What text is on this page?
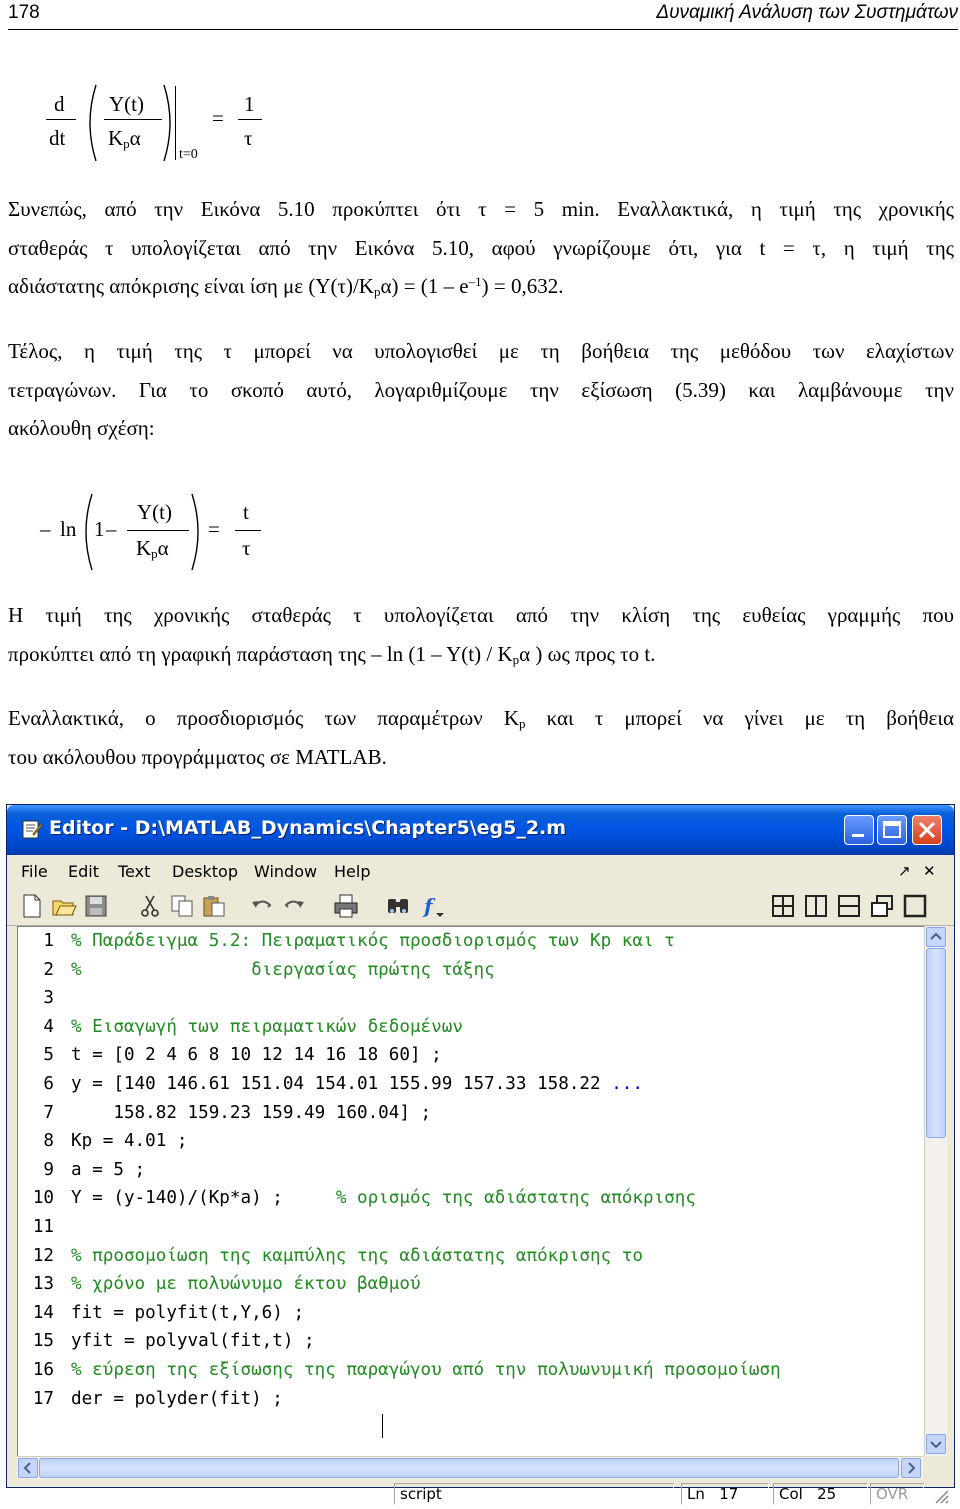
178	Δυναμική Ανάλυση των Συστημάτων
d
dt
Y(t)
$K_p\alpha$
t=0
=
1
τ
Συνεπώς, από την Εικόνα 5.10 προκύπτει ότι τ = 5 min. Εναλλακτικά, η τιμή της χρονικής
σταθεράς τ υπολογίζεται από την Εικόνα 5.10, αφού γνωρίζουμε ότι, για t = τ, η τιμή της
αδιάστατης απόκρισης είναι ίση με $(Y(\tau)/K_p\alpha) = (1 - e^{-1}) = 0,632$.
Τέλος, η τιμή της τ μπορεί να υπολογισθεί με τη βοήθεια της μεθόδου των ελαχίστων
τετραγώνων. Για το σκοπό αυτό, λογαριθμίζουμε την εξίσωση (5.39) και λαμβάνουμε την
ακόλουθη σχέση:
– ln 1 –
Y(t)
$K_p\alpha$
=
t
τ
Η τιμή της χρονικής σταθεράς τ υπολογίζεται από την κλίση της ευθείας γραμμής που
προκύπτει από τη γραφική παράσταση της – $\ln (1 - Y(t) / K_p\alpha$ ) ως προς το t.
Εναλλακτικά, ο προσδιορισμός των παραμέτρων $K_p$ και τ μπορεί να γίνει με τη βοήθεια
του ακόλουθου προγράμματος σε MATLAB.
Editor - D:\MATLAB_Dynamics\Chapter5\eg5_2.m
File Edit Text Desktop Window Help	↗ ✕
f
1 % Παράδειγμα 5.2: Πειραματικός προσδιορισμός των Kp και τ
2 %                διεργασίας πρώτης τάξης
3
4 % Εισαγωγή των πειραματικών δεδομένων
5 t = [0 2 4 6 8 10 12 14 16 18 60] ;
6 y = [140 146.61 151.04 154.01 155.99 157.33 158.22 ...
7 158.82 159.23 159.49 160.04] ;
8 Kp = 4.01 ;
9 a = 5 ;
10 Y = (y-140)/(Kp*a) ;     % ορισμός της αδιάστατης απόκρισης
11
12 % προσομοίωση της καμπύλης της αδιάστατης απόκρισης το
13 % χρόνο με πολυώνυμο έκτου βαθμού
14 fit = polyfit(t,Y,6) ;
15 yfit = polyval(fit,t) ;
16 % εύρεση της εξίσωσης της παραγώγου από την πολυωνυμική προσομοίωση
17 der = polyder(fit) ;
script	Ln 17	Col 25	OVR
